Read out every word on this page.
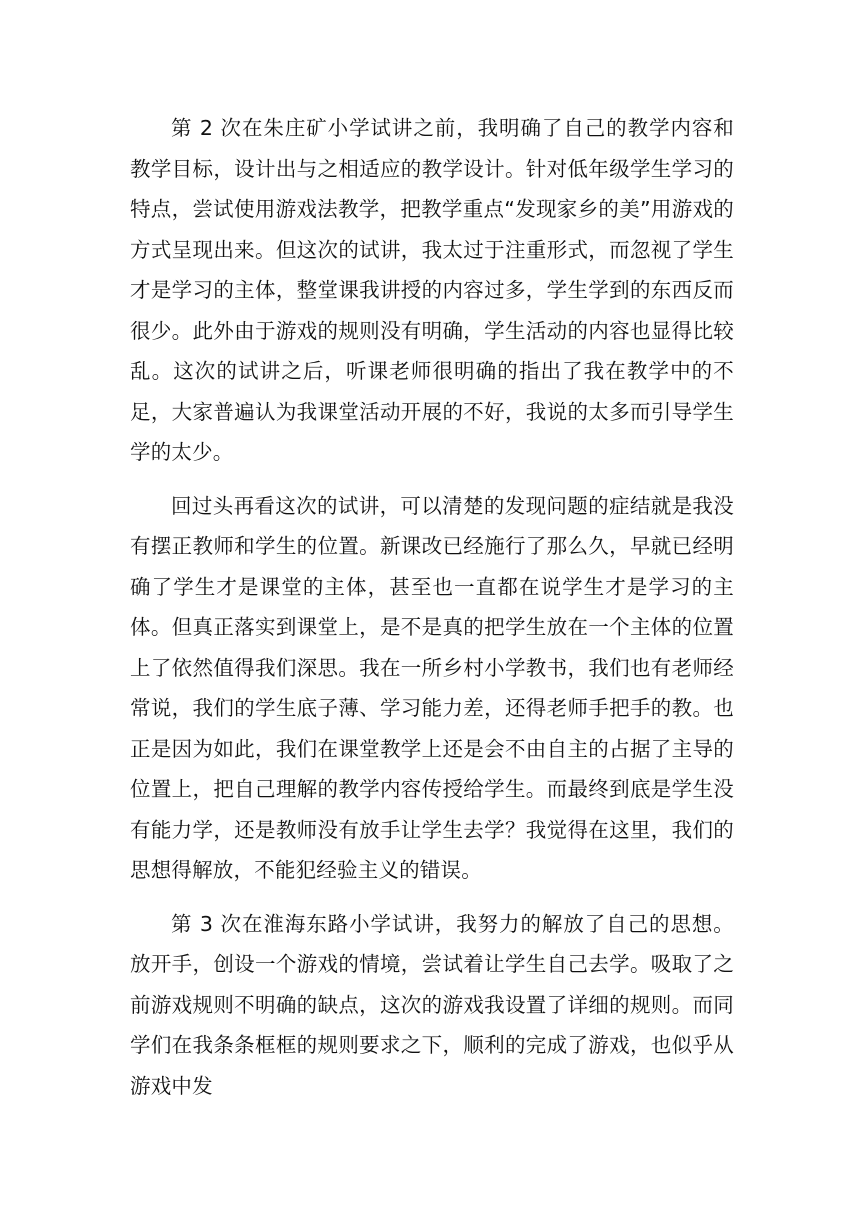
第 2 次在朱庄矿小学试讲之前，我明确了自己的教学内容和教学目标，设计出与之相适应的教学设计。针对低年级学生学习的特点，尝试使用游戏法教学，把教学重点“发现家乡的美”用游戏的方式呈现出来。但这次的试讲，我太过于注重形式，而忽视了学生才是学习的主体，整堂课我讲授的内容过多，学生学到的东西反而很少。此外由于游戏的规则没有明确，学生活动的内容也显得比较乱。这次的试讲之后，听课老师很明确的指出了我在教学中的不足，大家普遍认为我课堂活动开展的不好，我说的太多而引导学生学的太少。

回过头再看这次的试讲，可以清楚的发现问题的症结就是我没有摆正教师和学生的位置。新课改已经施行了那么久，早就已经明确了学生才是课堂的主体，甚至也一直都在说学生才是学习的主体。但真正落实到课堂上，是不是真的把学生放在一个主体的位置上了依然值得我们深思。我在一所乡村小学教书，我们也有老师经常说，我们的学生底子薄、学习能力差，还得老师手把手的教。也正是因为如此，我们在课堂教学上还是会不由自主的占据了主导的位置上，把自己理解的教学内容传授给学生。而最终到底是学生没有能力学，还是教师没有放手让学生去学？我觉得在这里，我们的思想得解放，不能犯经验主义的错误。

第 3 次在淮海东路小学试讲，我努力的解放了自己的思想。放开手，创设一个游戏的情境，尝试着让学生自己去学。吸取了之前游戏规则不明确的缺点，这次的游戏我设置了详细的规则。而同学们在我条条框框的规则要求之下，顺利的完成了游戏，也似乎从游戏中发
